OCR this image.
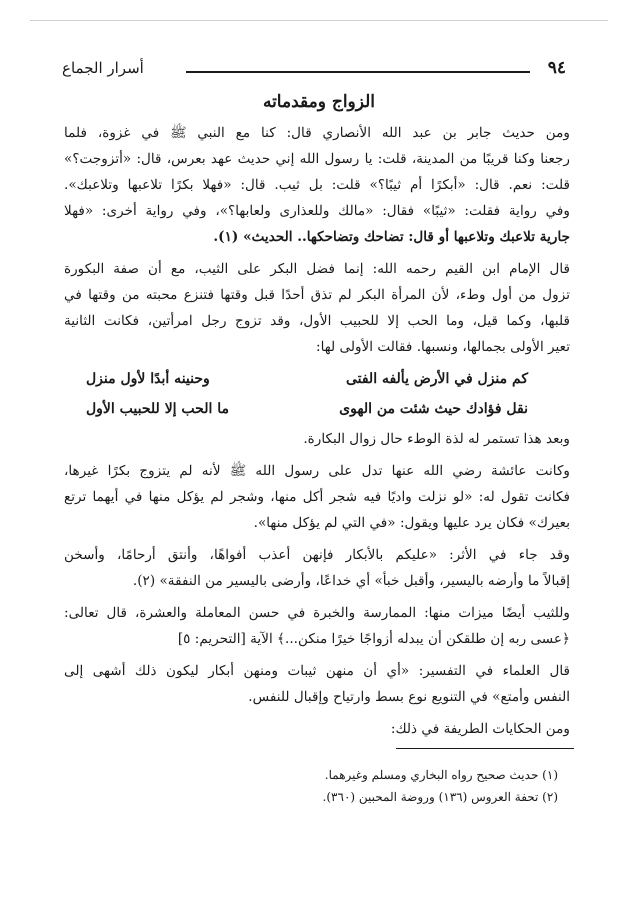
٩٤
أسرار الجماع
الزواج ومقدماته
ومن حديث جابر بن عبد الله الأنصاري قال: كنا مع النبي ﷺ في غزوة، فلما
رجعنا وكنا قريبًا من المدينة، قلت: يا رسول الله إني حديث عهد بعرس، قال: «أتزوجت؟»
قلت: نعم. قال: «أبكرًا أم ثيبًا؟» قلت: بل ثيب. قال: «فهلا بكرًا تلاعبها وتلاعبك».
وفي رواية فقلت: «ثيبًا» فقال: «مالك وللعذارى ولعابها؟»، وفي رواية أخرى: «فهلا
جارية تلاعبك وتلاعبها أو قال: تضاحك وتضاحكها.. الحديث» (١).
قال الإمام ابن القيم رحمه الله: إنما فضل البكر على الثيب، مع أن صفة البكورة
تزول من أول وطء، لأن المرأة البكر لم تذق أحدًا قبل وقتها فتنزع محبته من وقتها في
قلبها، وكما قيل، وما الحب إلا للحبيب الأول، وقد تزوج رجل امرأتين، فكانت الثانية
تعير الأولى بجمالها، ونسبها. فقالت الأولى لها:
كم منزل في الأرض يألفه الفتى
وحنينه أبدًا لأول منزل
نقل فؤادك حيث شئت من الهوى
ما الحب إلا للحبيب الأول
وبعد هذا تستمر له لذة الوطء حال زوال البكارة.
وكانت عائشة رضي الله عنها تدل على رسول الله ﷺ لأنه لم يتزوج بكرًا غيرها،
فكانت تقول له: «لو نزلت واديًا فيه شجر أكل منها، وشجر لم يؤكل منها في أيهما ترتع
بعيرك» فكان يرد عليها ويقول: «في التي لم يؤكل منها».
وقد جاء في الأثر: «عليكم بالأبكار فإنهن أعذب أفواهًا، وأنتق أرحامًا، وأسخن
إقبالاً ما وأرضه باليسير، وأقبل خبأ» أي خداعًا، وأرضى باليسير من النفقة» (٢).
وللثيب أيضًا ميزات منها: الممارسة والخبرة في حسن المعاملة والعشرة، قال تعالى:
﴿عسى ربه إن طلقكن أن يبدله أزواجًا خيرًا منكن...﴾ الآية [التحريم: ٥]
قال العلماء في التفسير: «أي أن منهن ثيبات ومنهن أبكار ليكون ذلك أشهى إلى
النفس وأمتع» في التنويع نوع بسط وارتياح وإقبال للنفس.
ومن الحكايات الطريفة في ذلك:
(١) حديث صحيح رواه البخاري ومسلم وغيرهما.
(٢) تحفة العروس (١٣٦) وروضة المحبين (٣٦٠).
